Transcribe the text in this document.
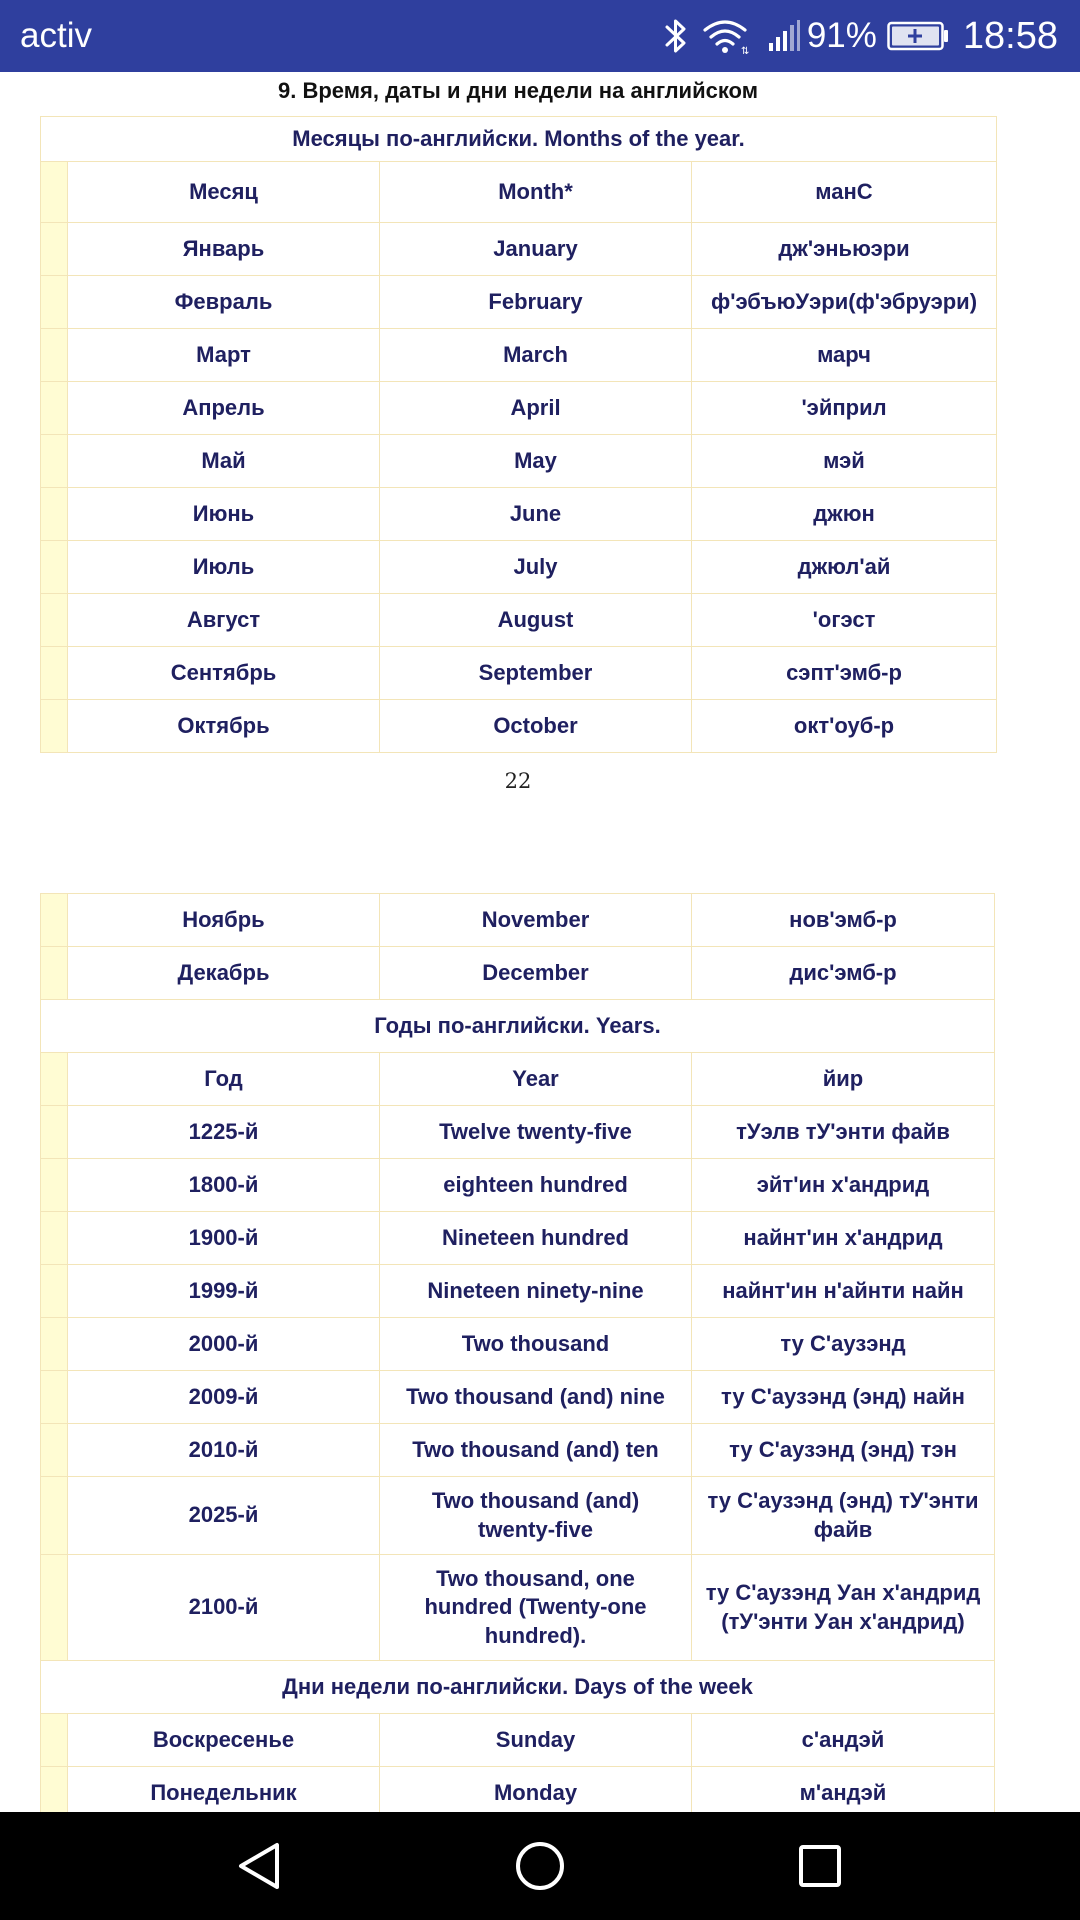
activ	⇅ 91% 18:58
9. Время, даты и дни недели на английском
Месяцы по-английски. Months of the year.			
	Месяц	Month*	манС
	Январь	January	дж'эньюэри
	Февраль	February	ф'эбъюУэри(ф'эбруэри)
	Март	March	марч
	Апрель	April	'эйприл
	Май	May	мэй
	Июнь	June	джюн
	Июль	July	джюл'ай
	Август	August	'огэст
	Сентябрь	September	сэпт'эмб-р
	Октябрь	October	окт'оуб-р
22
	Ноябрь	November	нов'эмб-р
	Декабрь	December	дис'эмб-р
Годы по-английски. Years.			
	Год	Year	йир
	1225-й	Twelve twenty-five	тУэлв тУ'энти файв
	1800-й	eighteen hundred	эйт'ин х'андрид
	1900-й	Nineteen hundred	найнт'ин х'андрид
	1999-й	Nineteen ninety-nine	найнт'ин н'айнти найн
	2000-й	Two thousand	ту С'аузэнд
	2009-й	Two thousand (and) nine	ту С'аузэнд (энд) найн
	2010-й	Two thousand (and) ten	ту С'аузэнд (энд) тэн
	2025-й	Two thousand (and) twenty-five	ту С'аузэнд (энд) тУ'энти файв
	2100-й	Two thousand, one hundred (Twenty-one hundred).	ту С'аузэнд Уан х'андрид (тУ'энти Уан х'андрид)
Дни недели по-английски. Days of the week			
	Воскресенье	Sunday	с'андэй
	Понедельник	Monday	м'андэй
